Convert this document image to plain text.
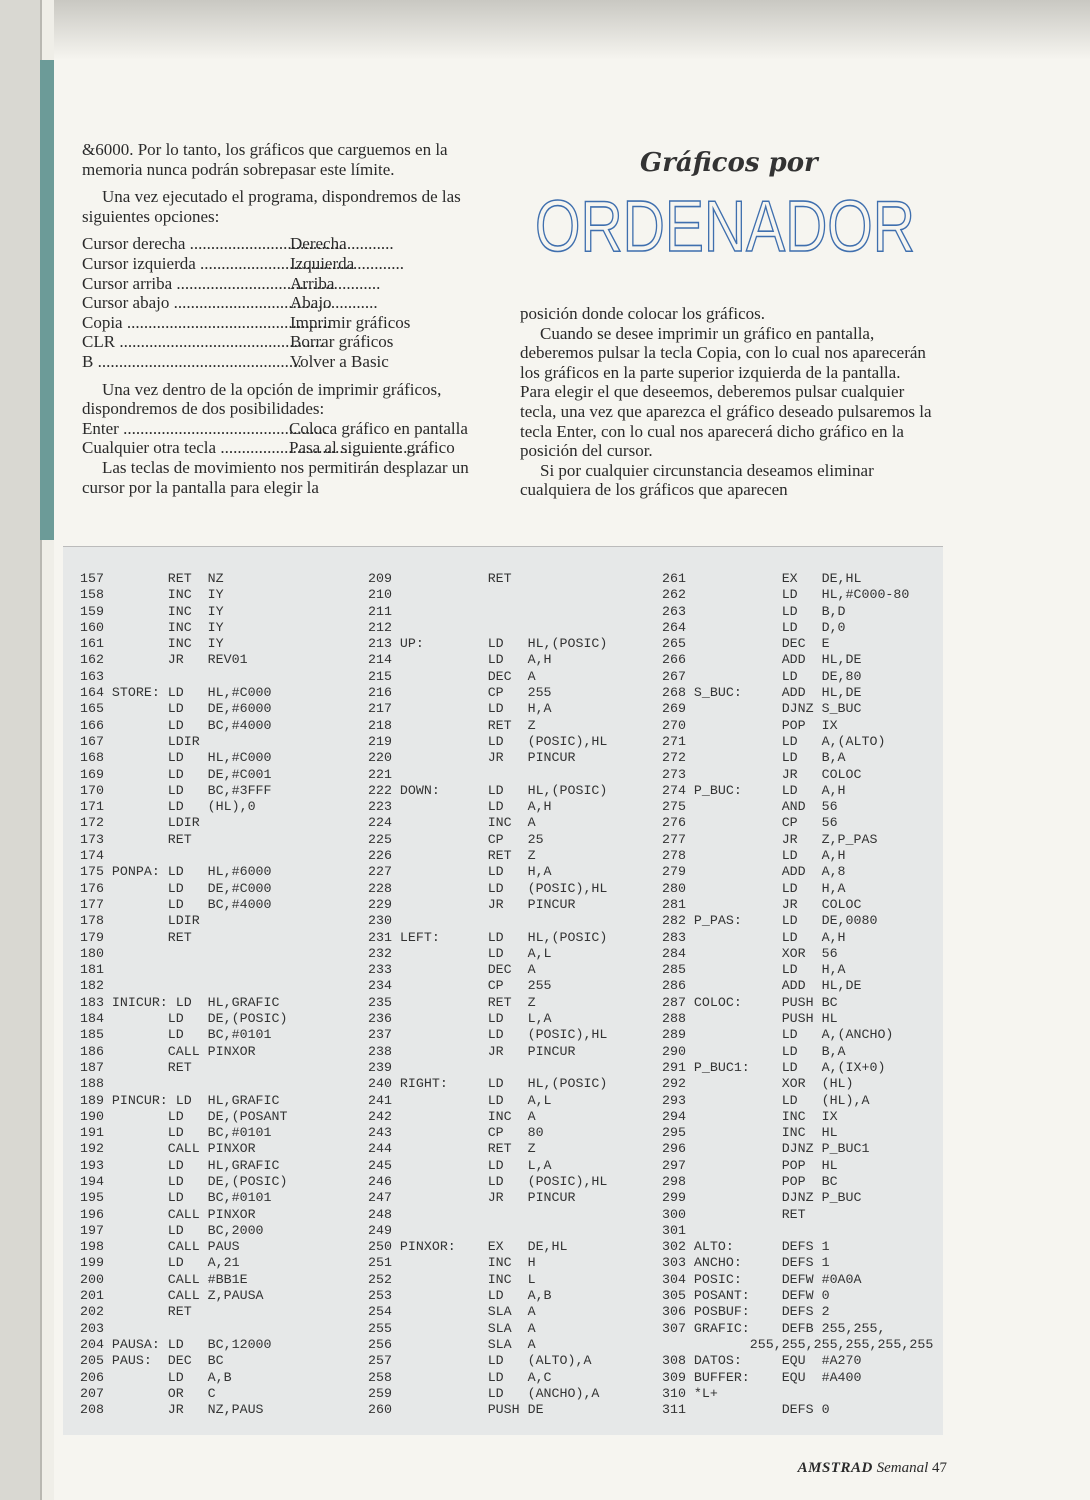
Gráficos por
ORDENADOR

&6000. Por lo tanto, los gráficos que carguemos en la memoria nunca podrán sobrepasar este límite.

Una vez ejecutado el programa, dispondremos de las siguientes opciones:

Cursor derecha .....	Derecha
Cursor izquierda .....	Izquierda
Cursor arriba .....	Arriba
Cursor abajo .....	Abajo
Copia .....	Imprimir gráficos
CLR .....	Borrar gráficos
B .....	Volver a Basic

Una vez dentro de la opción de imprimir gráficos, dispondremos de dos posibilidades:

Enter .....	Coloca gráfico en pantalla
Cualquier otra tecla .....	Pasa al siguiente gráfico

Las teclas de movimiento nos permitirán desplazar un cursor por la pantalla para elegir la

posición donde colocar los gráficos.

Cuando se desee imprimir un gráfico en pantalla, deberemos pulsar la tecla Copia, con lo cual nos aparecerán los gráficos en la parte superior izquierda de la pantalla. Para elegir el que deseemos, deberemos pulsar cualquier tecla, una vez que aparezca el gráfico deseado pulsaremos la tecla Enter, con lo cual nos aparecerá dicho gráfico en la posición del cursor.

Si por cualquier circunstancia deseamos eliminar cualquiera de los gráficos que aparecen

157        RET  NZ
158        INC  IY
159        INC  IY
160        INC  IY
161        INC  IY
162        JR   REV01
163
164 STORE: LD   HL,#C000
165        LD   DE,#6000
166        LD   BC,#4000
167        LDIR
168        LD   HL,#C000
169        LD   DE,#C001
170        LD   BC,#3FFF
171        LD   (HL),0
172        LDIR
173        RET
174
175 PONPA: LD   HL,#6000
176        LD   DE,#C000
177        LD   BC,#4000
178        LDIR
179        RET
180
181
182
183 INICUR: LD  HL,GRAFIC
184        LD   DE,(POSIC)
185        LD   BC,#0101
186        CALL PINXOR
187        RET
188
189 PINCUR: LD  HL,GRAFIC
190        LD   DE,(POSANT
191        LD   BC,#0101
192        CALL PINXOR
193        LD   HL,GRAFIC
194        LD   DE,(POSIC)
195        LD   BC,#0101
196        CALL PINXOR
197        LD   BC,2000
198        CALL PAUS
199        LD   A,21
200        CALL #BB1E
201        CALL Z,PAUSA
202        RET
203
204 PAUSA: LD   BC,12000
205 PAUS:  DEC  BC
206        LD   A,B
207        OR   C
208        JR   NZ,PAUS
209            RET
210
211
212
213 UP:        LD   HL,(POSIC)
214            LD   A,H
215            DEC  A
216            CP   255
217            LD   H,A
218            RET  Z
219            LD   (POSIC),HL
220            JR   PINCUR
221
222 DOWN:      LD   HL,(POSIC)
223            LD   A,H
224            INC  A
225            CP   25
226            RET  Z
227            LD   H,A
228            LD   (POSIC),HL
229            JR   PINCUR
230
231 LEFT:      LD   HL,(POSIC)
232            LD   A,L
233            DEC  A
234            CP   255
235            RET  Z
236            LD   L,A
237            LD   (POSIC),HL
238            JR   PINCUR
239
240 RIGHT:     LD   HL,(POSIC)
241            LD   A,L
242            INC  A
243            CP   80
244            RET  Z
245            LD   L,A
246            LD   (POSIC),HL
247            JR   PINCUR
248
249
250 PINXOR:    EX   DE,HL
251            INC  H
252            INC  L
253            LD   A,B
254            SLA  A
255            SLA  A
256            SLA  A
257            LD   (ALTO),A
258            LD   A,C
259            LD   (ANCHO),A
260            PUSH DE
261            EX   DE,HL
262            LD   HL,#C000-80
263            LD   B,D
264            LD   D,0
265            DEC  E
266            ADD  HL,DE
267            LD   DE,80
268 S_BUC:     ADD  HL,DE
269            DJNZ S_BUC
270            POP  IX
271            LD   A,(ALTO)
272            LD   B,A
273            JR   COLOC
274 P_BUC:     LD   A,H
275            AND  56
276            CP   56
277            JR   Z,P_PAS
278            LD   A,H
279            ADD  A,8
280            LD   H,A
281            JR   COLOC
282 P_PAS:     LD   DE,0080
283            LD   A,H
284            XOR  56
285            LD   H,A
286            ADD  HL,DE
287 COLOC:     PUSH BC
288            PUSH HL
289            LD   A,(ANCHO)
290            LD   B,A
291 P_BUC1:    LD   A,(IX+0)
292            XOR  (HL)
293            LD   (HL),A
294            INC  IX
295            INC  HL
296            DJNZ P_BUC1
297            POP  HL
298            POP  BC
299            DJNZ P_BUC
300            RET
301
302 ALTO:      DEFS 1
303 ANCHO:     DEFS 1
304 POSIC:     DEFW #0A0A
305 POSANT:    DEFW 0
306 POSBUF:    DEFS 2
307 GRAFIC:    DEFB 255,255,
255,255,255,255,255,255
308 DATOS:     EQU  #A270
309 BUFFER:    EQU  #A400
310 *L+
311            DEFS 0
AMSTRAD Semanal 47
